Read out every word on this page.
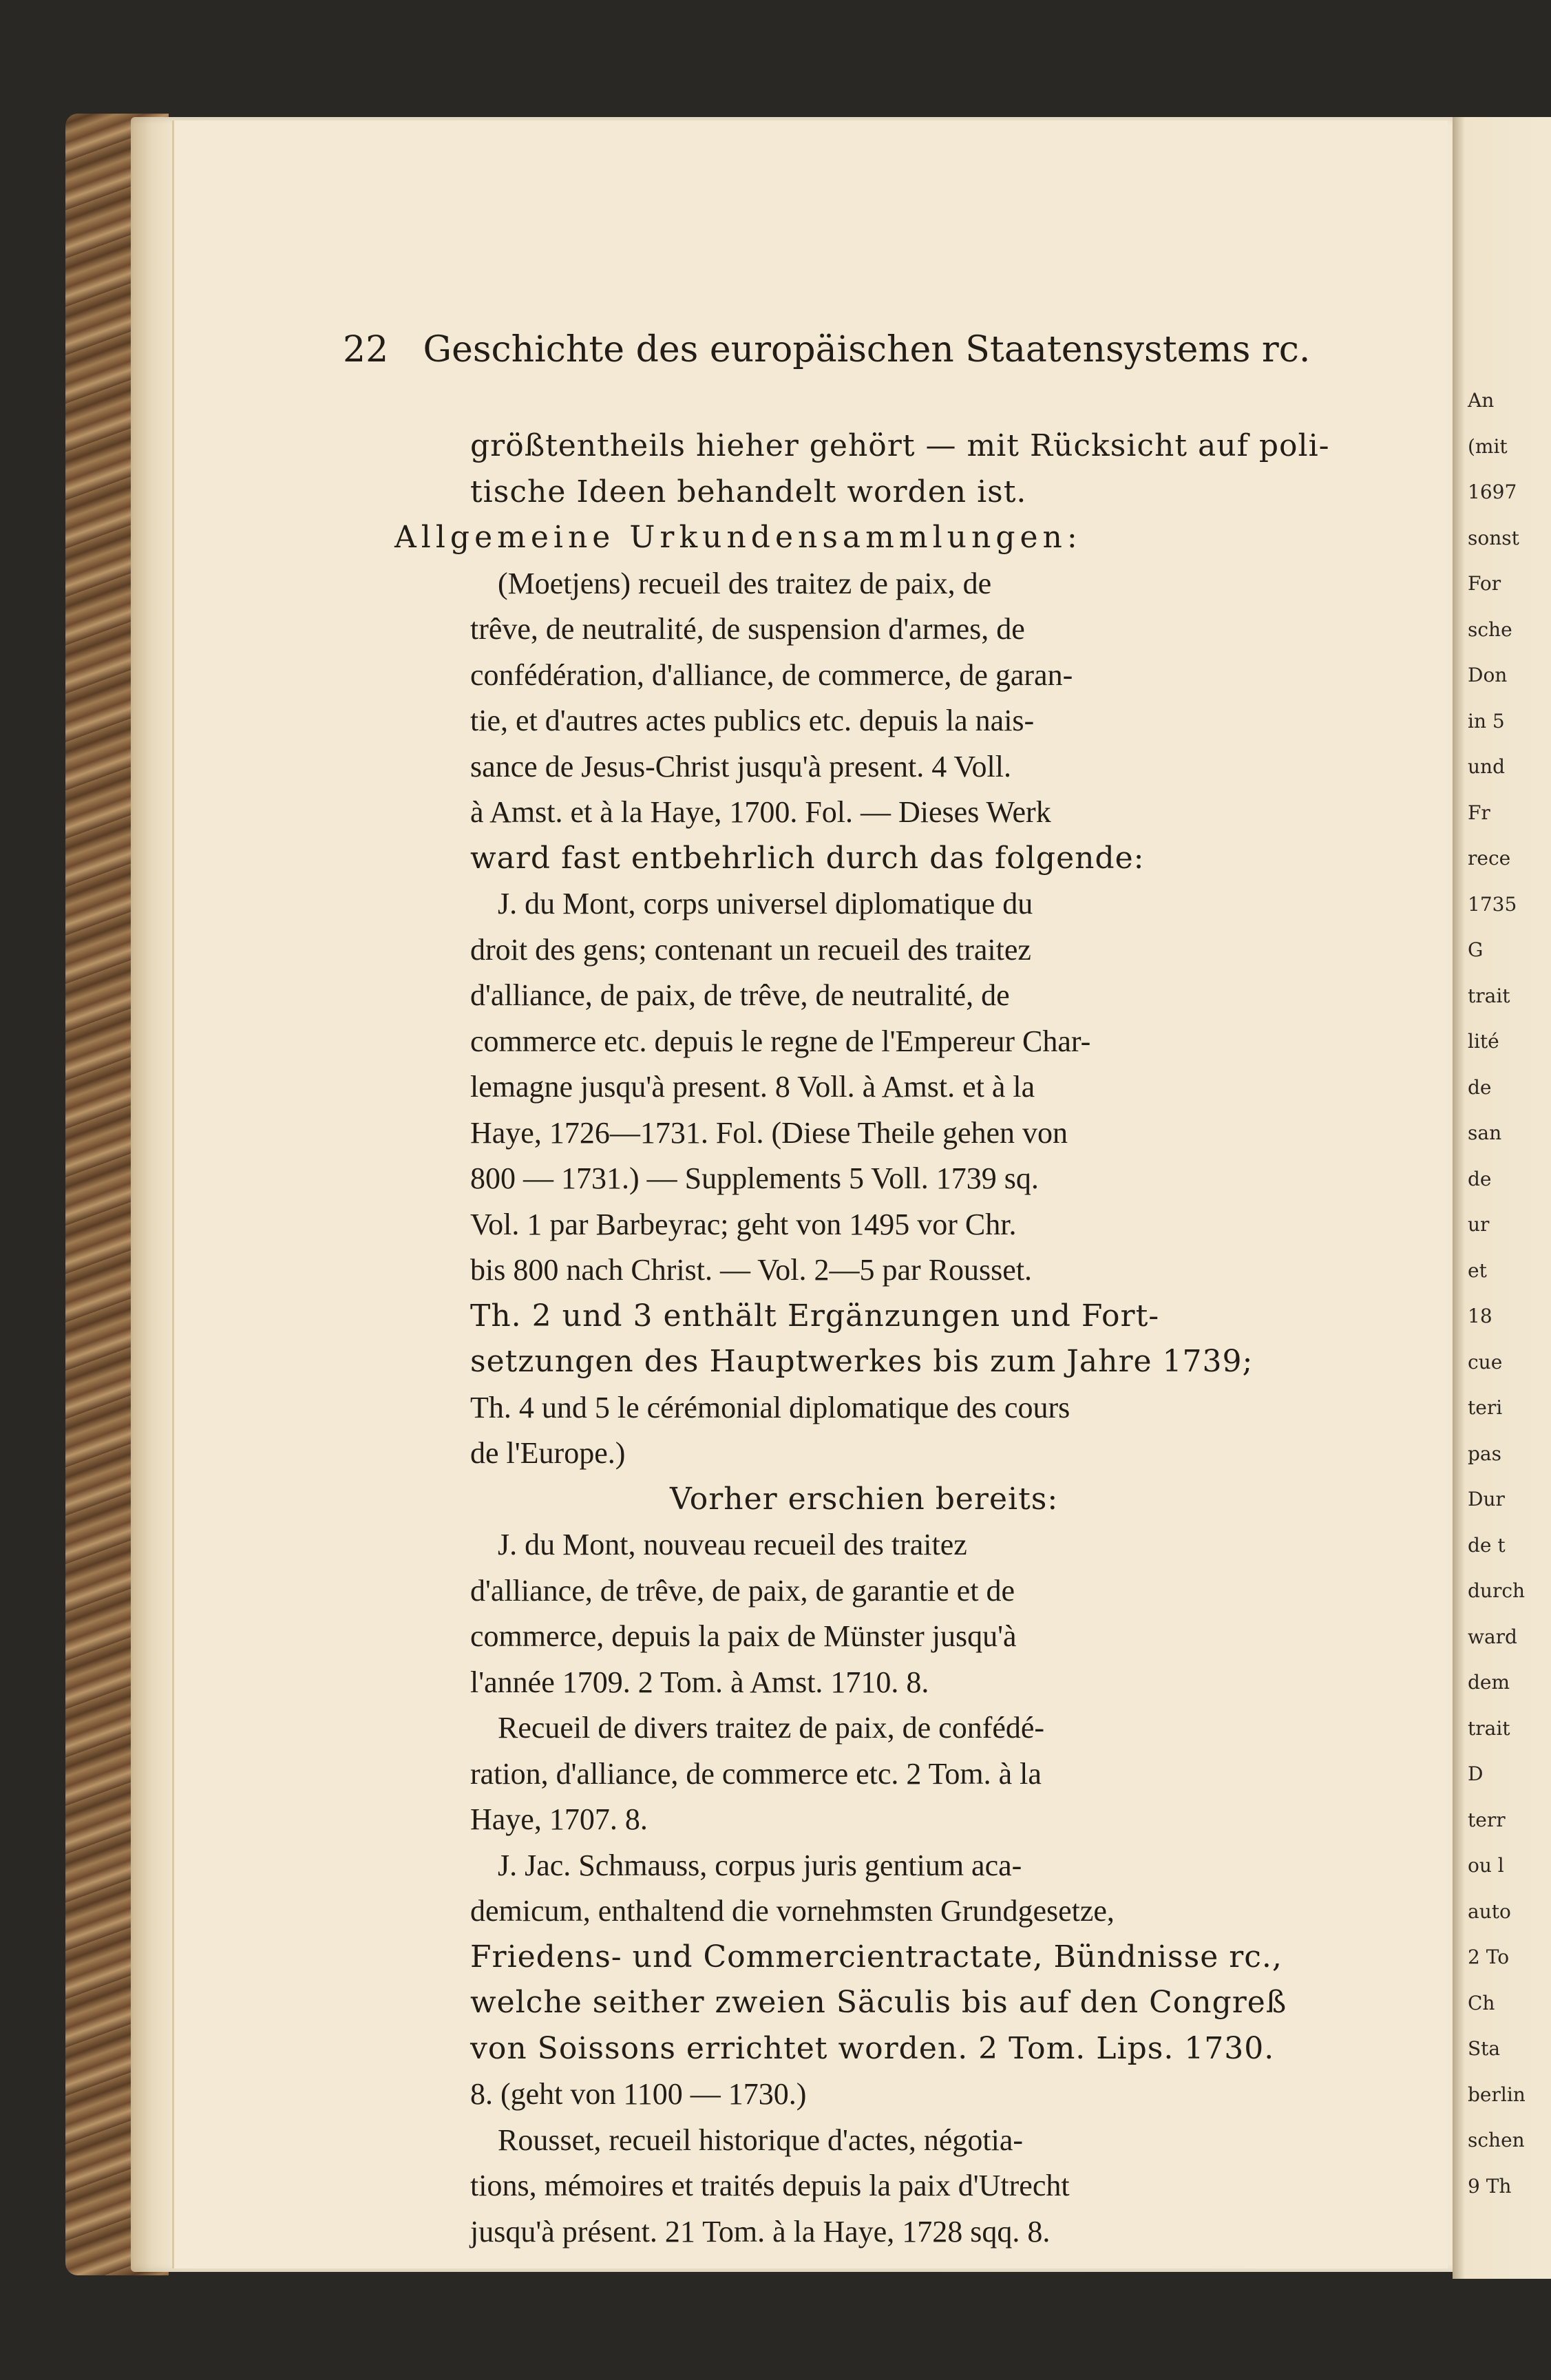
An
(mit
1697
sonst
For
sche
Don
in 5
und
Fr
rece
1735
G
trait
lité
de
san
de
ur
et
18
cue
teri
pas
Dur
de t
durch
ward
dem
trait
D
terr
ou l
auto
2 To
Ch
Sta
berlin
schen
9 Th
22 Geschichte des europäischen Staatensystems rc.
größtentheils hieher gehört — mit Rücksicht auf poli-
tische Ideen behandelt worden ist.
Allgemeine Urkundensammlungen:
(Moetjens) recueil des traitez de paix, de
trêve, de neutralité, de suspension d'armes, de
confédération, d'alliance, de commerce, de garan-
tie, et d'autres actes publics etc. depuis la nais-
sance de Jesus-Christ jusqu'à present. 4 Voll.
à Amst. et à la Haye, 1700. Fol. — Dieses Werk
ward fast entbehrlich durch das folgende:
J. du Mont, corps universel diplomatique du
droit des gens; contenant un recueil des traitez
d'alliance, de paix, de trêve, de neutralité, de
commerce etc. depuis le regne de l'Empereur Char-
lemagne jusqu'à present. 8 Voll. à Amst. et à la
Haye, 1726—1731. Fol. (Diese Theile gehen von
800 — 1731.) — Supplements 5 Voll. 1739 sq.
Vol. 1 par Barbeyrac; geht von 1495 vor Chr.
bis 800 nach Christ. — Vol. 2—5 par Rousset.
Th. 2 und 3 enthält Ergänzungen und Fort-
setzungen des Hauptwerkes bis zum Jahre 1739;
Th. 4 und 5 le cérémonial diplomatique des cours
de l'Europe.)
Vorher erschien bereits:
J. du Mont, nouveau recueil des traitez
d'alliance, de trêve, de paix, de garantie et de
commerce, depuis la paix de Münster jusqu'à
l'année 1709. 2 Tom. à Amst. 1710. 8.
Recueil de divers traitez de paix, de confédé-
ration, d'alliance, de commerce etc. 2 Tom. à la
Haye, 1707. 8.
J. Jac. Schmauss, corpus juris gentium aca-
demicum, enthaltend die vornehmsten Grundgesetze,
Friedens- und Commercientractate, Bündnisse rc.,
welche seither zweien Säculis bis auf den Congreß
von Soissons errichtet worden. 2 Tom. Lips. 1730.
8. (geht von 1100 — 1730.)
Rousset, recueil historique d'actes, négotia-
tions, mémoires et traités depuis la paix d'Utrecht
jusqu'à présent. 21 Tom. à la Haye, 1728 sqq. 8.
